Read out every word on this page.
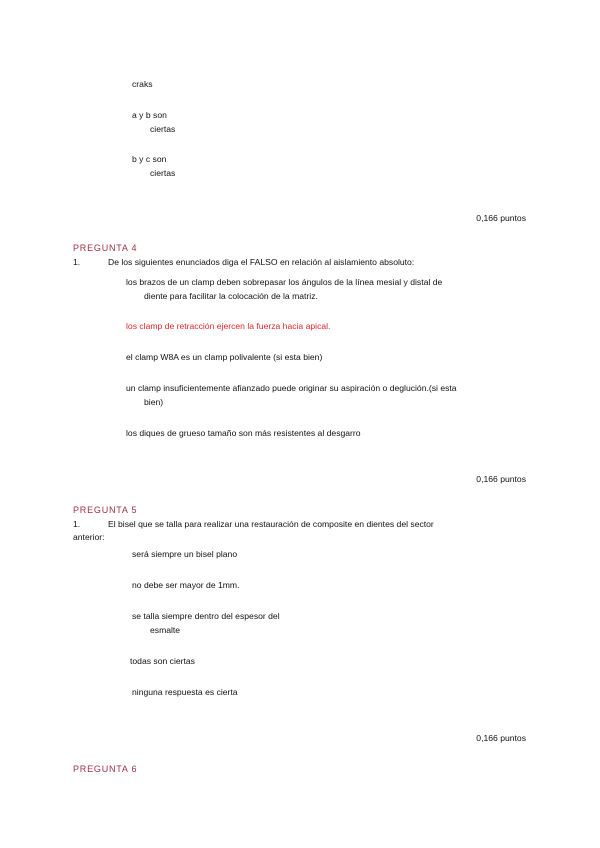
craks
a y b son
ciertas
b y c son
ciertas
0,166 puntos
PREGUNTA 4
1.	De los siguientes enunciados diga el FALSO en relación al aislamiento absoluto:
los brazos de un clamp deben sobrepasar los ángulos de la línea mesial y distal de
diente para facilitar la colocación de la matriz.
los clamp de retracción ejercen la fuerza hacia apical.
el clamp W8A es un clamp polivalente (si esta bien)
un clamp insuficientemente afianzado puede originar su aspiración o deglución.(si esta
bien)
los diques de grueso tamaño son más resistentes al desgarro
0,166 puntos
PREGUNTA 5
1.	El bisel que se talla para realizar una restauración de composite en dientes del sector
anterior:
será siempre un bisel plano
no debe ser mayor de 1mm.
se talla siempre dentro del espesor del
esmalte
todas son ciertas
ninguna respuesta es cierta
0,166 puntos
PREGUNTA 6
